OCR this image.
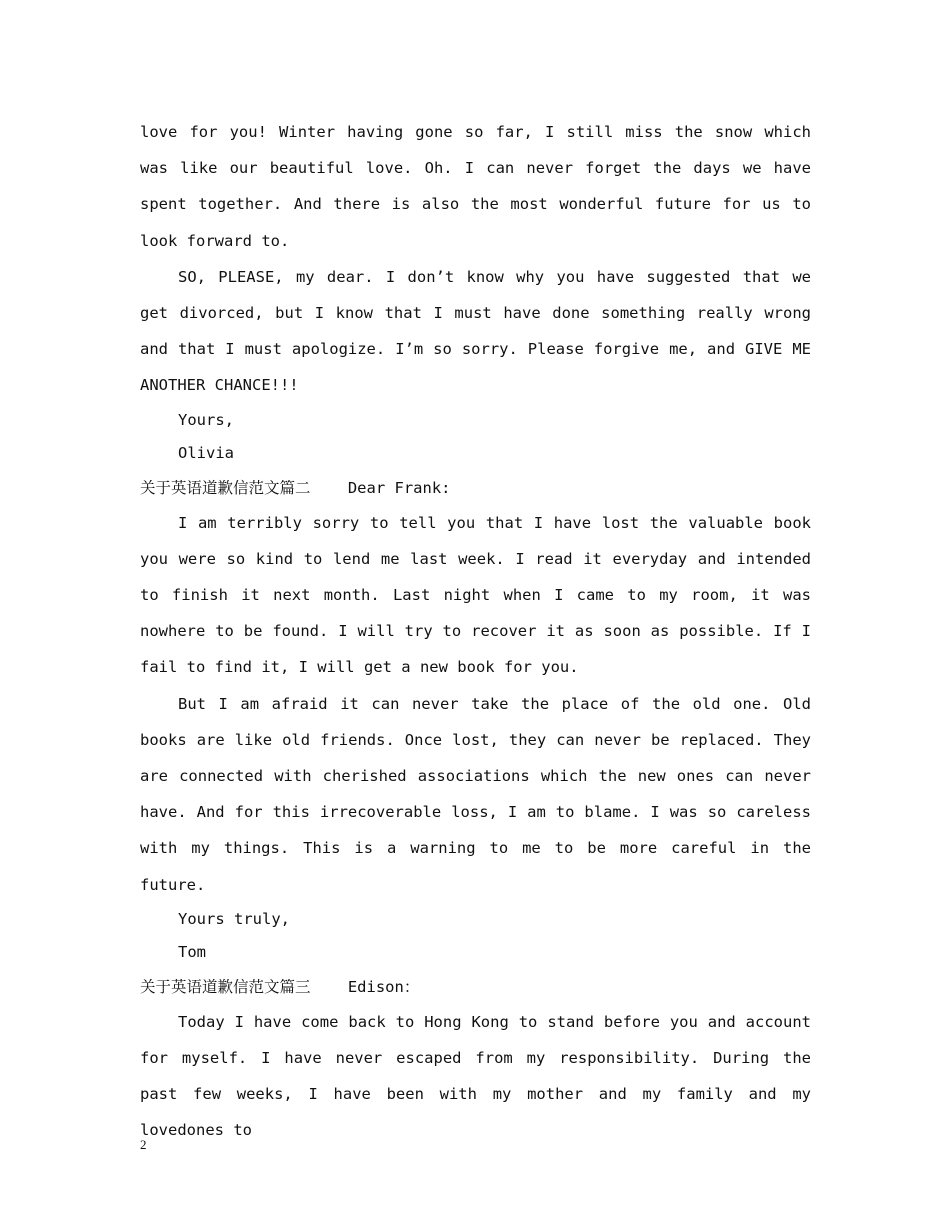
love for you! Winter having gone so far, I still miss the snow which was like our beautiful love. Oh. I can never forget the days we have spent together. And there is also the most wonderful future for us to look forward to.

SO, PLEASE, my dear. I don’t know why you have suggested that we get divorced, but I know that I must have done something really wrong and that I must apologize. I’m so sorry. Please forgive me, and GIVE ME ANOTHER CHANCE!!!

Yours,

Olivia

关于英语道歉信范文篇二 Dear Frank:

I am terribly sorry to tell you that I have lost the valuable book you were so kind to lend me last week. I read it everyday and intended to finish it next month. Last night when I came to my room, it was nowhere to be found. I will try to recover it as soon as possible. If I fail to find it, I will get a new book for you.

But I am afraid it can never take the place of the old one. Old books are like old friends. Once lost, they can never be replaced. They are connected with cherished associations which the new ones can never have. And for this irrecoverable loss, I am to blame. I was so careless with my things. This is a warning to me to be more careful in the future.

Yours truly,

Tom

关于英语道歉信范文篇三 Edison：

Today I have come back to Hong Kong to stand before you and account for myself. I have never escaped from my responsibility. During the past few weeks, I have been with my mother and my family and my lovedones to

2
